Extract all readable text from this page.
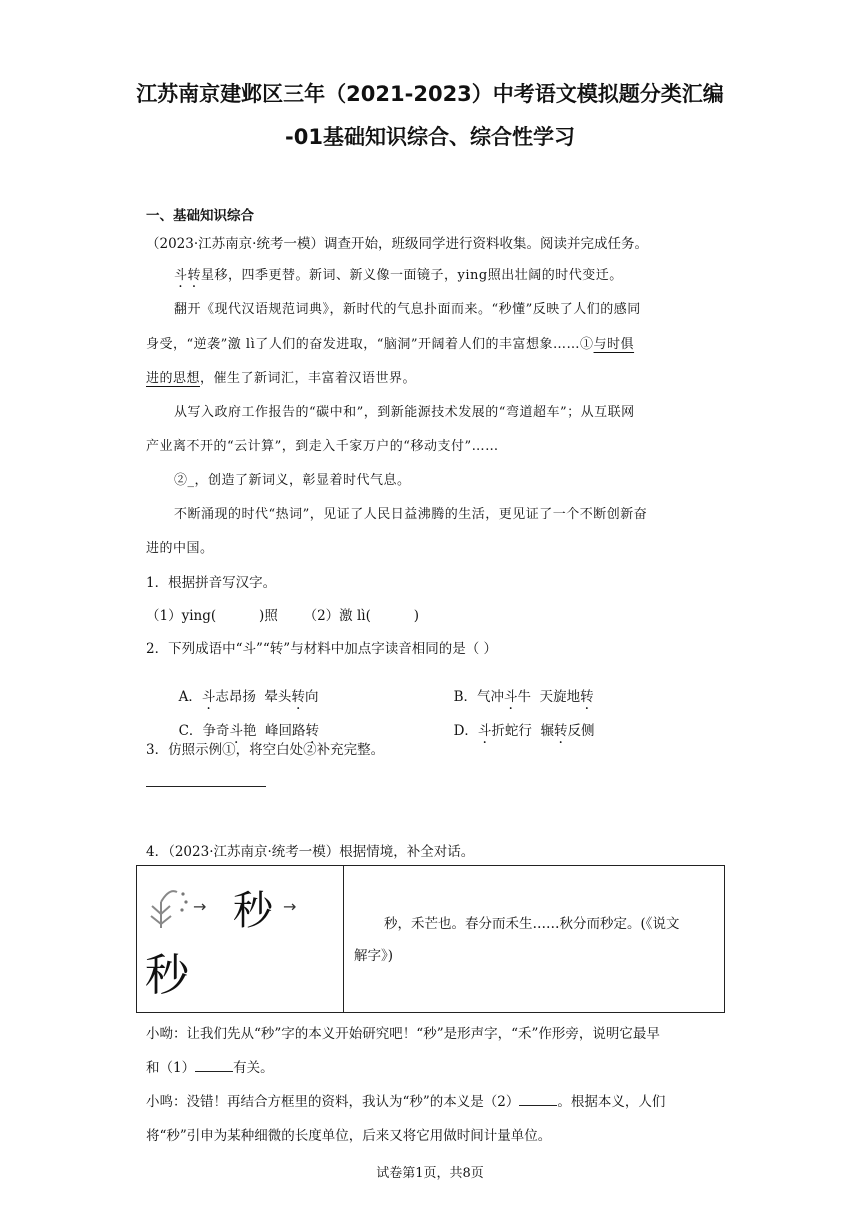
江苏南京建邺区三年（2021-2023）中考语文模拟题分类汇编
-01基础知识综合、综合性学习
一、基础知识综合
（2023·江苏南京·统考一模）调查开始，班级同学进行资料收集。阅读并完成任务。
斗转星移，四季更替。新词、新义像一面镜子，ying照出壮阔的时代变迁。
翻开《现代汉语规范词典》，新时代的气息扑面而来。“秒懂”反映了人们的感同
身受，“逆袭”激 lì了人们的奋发进取，“脑洞”开阔着人们的丰富想象……①与时俱
进的思想，催生了新词汇，丰富着汉语世界。
从写入政府工作报告的“碳中和”，到新能源技术发展的“弯道超车”；从互联网
产业离不开的“云计算”，到走入千家万户的“移动支付”……
②_，创造了新词义，彰显着时代气息。
不断涌现的时代“热词”，见证了人民日益沸腾的生活，更见证了一个不断创新奋
进的中国。
1．根据拼音写汉字。
（1）ying(          )照      （2）激 lì(          )
2．下列成语中“斗”“转”与材料中加点字读音相同的是（ ）

A．斗志昂扬  晕头转向	B．气冲斗牛  天旋地转

C．争奇斗艳  峰回路转	D．斗折蛇行  辗转反侧

3．仿照示例①，将空白处②补充完整。
4．（2023·江苏南京·统考一模）根据情境，补全对话。
→ 秒 →
秒

秒，禾芒也。春分而禾生……秋分而秒定。(《说文
解字》)
小呦：让我们先从“秒”字的本义开始研究吧！“秒”是形声字，“禾”作形旁，说明它最早
和（1）	有关。
小鸣：没错！再结合方框里的资料，我认为“秒”的本义是（2）	。根据本义，人们
将“秒”引申为某种细微的长度单位，后来又将它用做时间计量单位。
试卷第1页，共8页
